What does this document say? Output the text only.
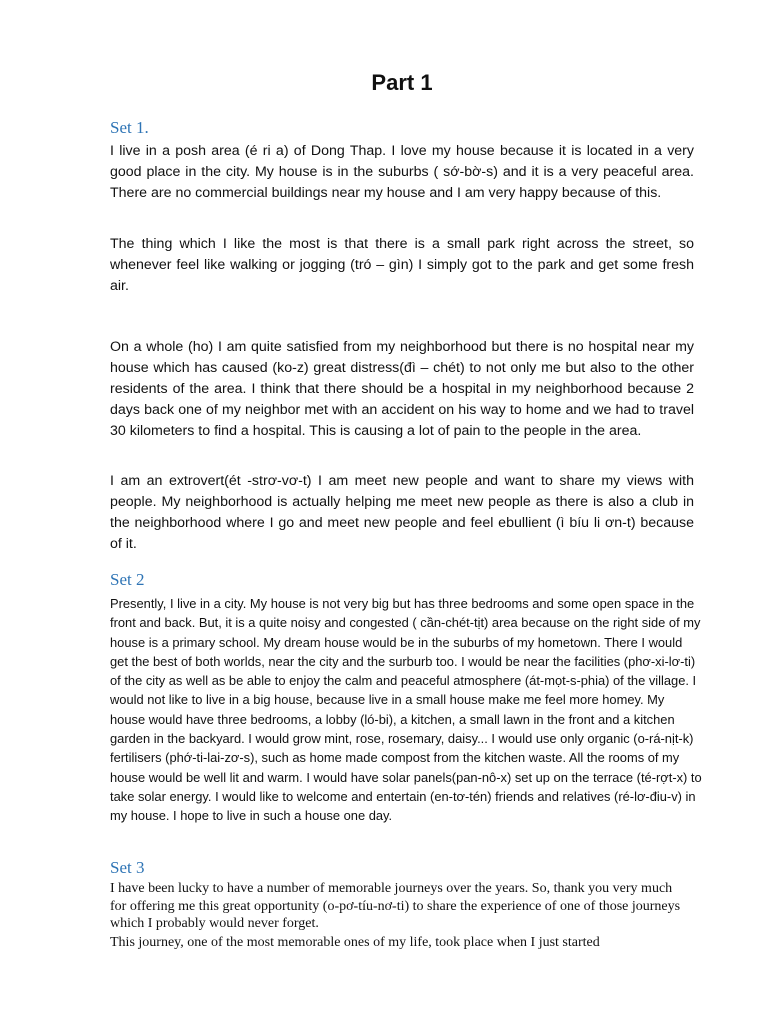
Part 1
Set 1.

I live in a posh area (é ri a) of Dong Thap. I love my house because it is located in a very good place in the city. My house is in the suburbs ( sớ-bờ-s) and it is a very peaceful area. There are no commercial buildings near my house and I am very happy because of this.

The thing which I like the most is that there is a small park right across the street, so whenever feel like walking or jogging (tró – gìn) I simply got to the park and get some fresh air.

On a whole (ho) I am quite satisfied from my neighborhood but there is no hospital near my house which has caused (ko-z) great distress(đì – chét) to not only me but also to the other residents of the area. I think that there should be a hospital in my neighborhood because 2 days back one of my neighbor met with an accident on his way to home and we had to travel 30 kilometers to find a hospital. This is causing a lot of pain to the people in the area.

I am an extrovert(ét -strơ-vơ-t) I am meet new people and want to share my views with people. My neighborhood is actually helping me meet new people as there is also a club in the neighborhood where I go and meet new people and feel ebullient (ì bíu li ơn-t) because of it.

Set 2

Presently, I live in a city. My house is not very big but has three bedrooms and some open space in the front and back. But, it is a quite noisy and congested ( cần-chét-tịt) area because on the right side of my house is a primary school. My dream house would be in the suburbs of my hometown. There I would get the best of both worlds, near the city and the surburb too. I would be near the facilities (phơ-xi-lơ-ti) of the city as well as be able to enjoy the calm and peaceful atmosphere (át-mọt-s-phia) of the village. I would not like to live in a big house, because live in a small house make me feel more homey. My house would have three bedrooms, a lobby (ló-bi), a kitchen, a small lawn in the front and a kitchen garden in the backyard. I would grow mint, rose, rosemary, daisy... I would use only organic (o-rá-nịt-k) fertilisers (phớ-ti-lai-zơ-s), such as home made compost from the kitchen waste. All the rooms of my house would be well lit and warm. I would have solar panels(pan-nô-x) set up on the terrace (té-rợt-x) to take solar energy. I would like to welcome and entertain (en-tơ-tén) friends and relatives (ré-lơ-điu-v) in my house. I hope to live in such a house one day.

Set 3

I have been lucky to have a number of memorable journeys over the years. So, thank you very much for offering me this great opportunity (o-pơ-tíu-nơ-ti) to share the experience of one of those journeys which I probably would never forget.

This journey, one of the most memorable ones of my life, took place when I just started
